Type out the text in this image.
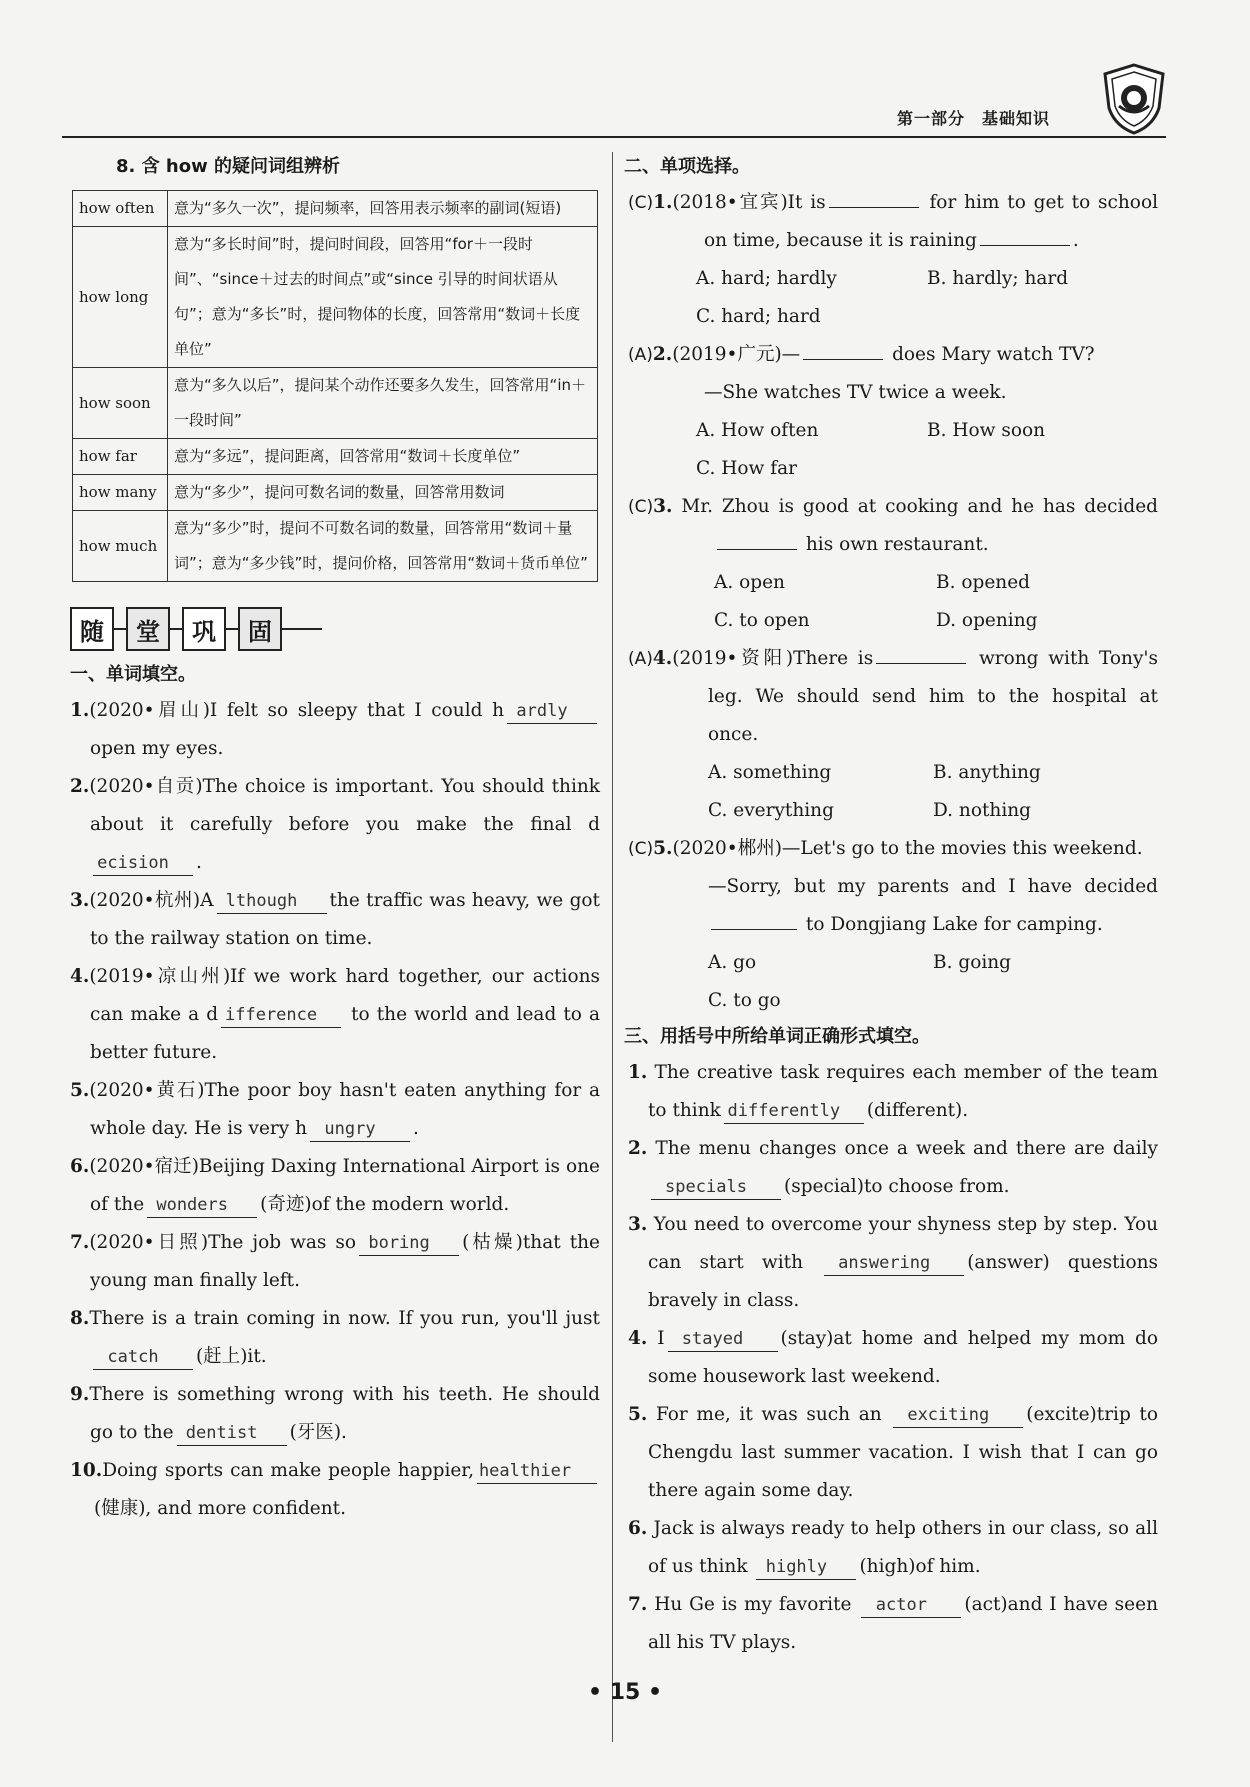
第一部分　基础知识
8. 含 how 的疑问词组辨析
how often	意为“多久一次”，提问频率，回答用表示频率的副词(短语)
how long	意为“多长时间”时，提问时间段，回答用“for＋一段时间”、“since＋过去的时间点”或“since 引导的时间状语从句”；意为“多长”时，提问物体的长度，回答常用“数词＋长度单位”
how soon	意为“多久以后”，提问某个动作还要多久发生，回答常用“in＋一段时间”
how far	意为“多远”，提问距离，回答常用“数词＋长度单位”
how many	意为“多少”，提问可数名词的数量，回答常用数词
how much	意为“多少”时，提问不可数名词的数量，回答常用“数词＋量词”；意为“多少钱”时，提问价格，回答常用“数词＋货币单位”
随	堂	巩	固
一、单词填空。
1.(2020•眉山)I felt so sleepy that I could h ardly open my eyes.
2.(2020•自贡)The choice is important. You should think about it carefully before you make the final decision .
3.(2020•杭州)A lthough the traffic was heavy, we got to the railway station on time.
4.(2019•凉山州)If we work hard together, our actions can make a d ifference to the world and lead to a better future.
5.(2020•黄石)The poor boy hasn't eaten anything for a whole day. He is very h ungry .
6.(2020•宿迁)Beijing Daxing International Airport is one of the wonders (奇迹)of the modern world.
7.(2020•日照)The job was so boring (枯燥)that the young man finally left.
8.There is a train coming in now. If you run, you'll justcatch (赶上)it.
9.There is something wrong with his teeth. He should go to the dentist (牙医).
10.Doing sports can make people happier, healthier(健康), and more confident.
二、单项选择。
(C)1.(2018•宜宾)It is	for him to get to school on time, because it is raining	.
A. hard; hardly	B. hardly; hard
C. hard; hard
(A)2.(2019•广元)—	does Mary watch TV?
—She watches TV twice a week.
A. How often	B. How soon
C. How far
(C)3. Mr. Zhou is good at cooking and he has decided his own restaurant.
A. open	B. opened
C. to open	D. opening
(A)4.(2019•资阳)There is	wrong with Tony's leg. We should send him to the hospital at once.
A. something	B. anything
C. everything	D. nothing
(C)5.(2020•郴州)—Let's go to the movies this weekend.
—Sorry, but my parents and I have decided  to Dongjiang Lake for camping.
A. go	B. going
C. to go
三、用括号中所给单词正确形式填空。
1. The creative task requires each member of the team to think differently (different).
2. The menu changes once a week and there are daily specials (special)to choose from.
3. You need to overcome your shyness step by step. You can start with answering (answer) questions bravely in class.
4. I stayed (stay)at home and helped my mom do some housework last weekend.
5. For me, it was such an exciting (excite)trip to Chengdu last summer vacation. I wish that I can go there again some day.
6. Jack is always ready to help others in our class, so all of us think highly (high)of him.
7. Hu Ge is my favorite actor (act)and I have seen all his TV plays.
• 15 •
